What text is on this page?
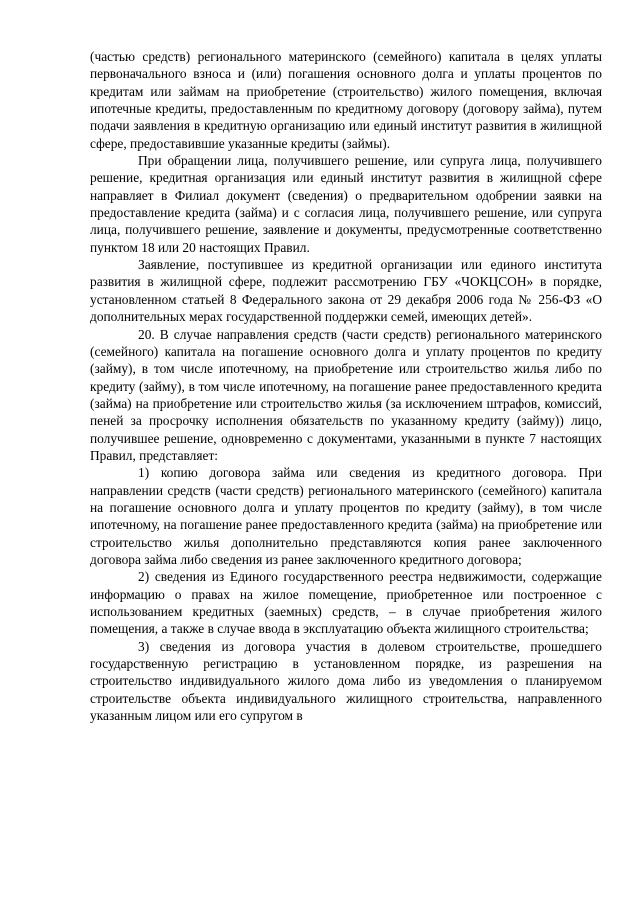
(частью средств) регионального материнского (семейного) капитала в целях уплаты первоначального взноса и (или) погашения основного долга и уплаты процентов по кредитам или займам на приобретение (строительство) жилого помещения, включая ипотечные кредиты, предоставленным по кредитному договору (договору займа), путем подачи заявления в кредитную организацию или единый институт развития в жилищной сфере, предоставившие указанные кредиты (займы).

При обращении лица, получившего решение, или супруга лица, получившего решение, кредитная организация или единый институт развития в жилищной сфере направляет в Филиал документ (сведения) о предварительном одобрении заявки на предоставление кредита (займа) и с согласия лица, получившего решение, или супруга лица, получившего решение, заявление и документы, предусмотренные соответственно пунктом 18 или 20 настоящих Правил.

Заявление, поступившее из кредитной организации или единого института развития в жилищной сфере, подлежит рассмотрению ГБУ «ЧОКЦСОН» в порядке, установленном статьей 8 Федерального закона от 29 декабря 2006 года № 256-ФЗ «О дополнительных мерах государственной поддержки семей, имеющих детей».

20. В случае направления средств (части средств) регионального материнского (семейного) капитала на погашение основного долга и уплату процентов по кредиту (займу), в том числе ипотечному, на приобретение или строительство жилья либо по кредиту (займу), в том числе ипотечному, на погашение ранее предоставленного кредита (займа) на приобретение или строительство жилья (за исключением штрафов, комиссий, пеней за просрочку исполнения обязательств по указанному кредиту (займу)) лицо, получившее решение, одновременно с документами, указанными в пункте 7 настоящих Правил, представляет:

1) копию договора займа или сведения из кредитного договора. При направлении средств (части средств) регионального материнского (семейного) капитала на погашение основного долга и уплату процентов по кредиту (займу), в том числе ипотечному, на погашение ранее предоставленного кредита (займа) на приобретение или строительство жилья дополнительно представляются копия ранее заключенного договора займа либо сведения из ранее заключенного кредитного договора;

2) сведения из Единого государственного реестра недвижимости, содержащие информацию о правах на жилое помещение, приобретенное или построенное с использованием кредитных (заемных) средств, – в случае приобретения жилого помещения, а также в случае ввода в эксплуатацию объекта жилищного строительства;

3) сведения из договора участия в долевом строительстве, прошедшего государственную регистрацию в установленном порядке, из разрешения на строительство индивидуального жилого дома либо из уведомления о планируемом строительстве объекта индивидуального жилищного строительства, направленного указанным лицом или его супругом в
